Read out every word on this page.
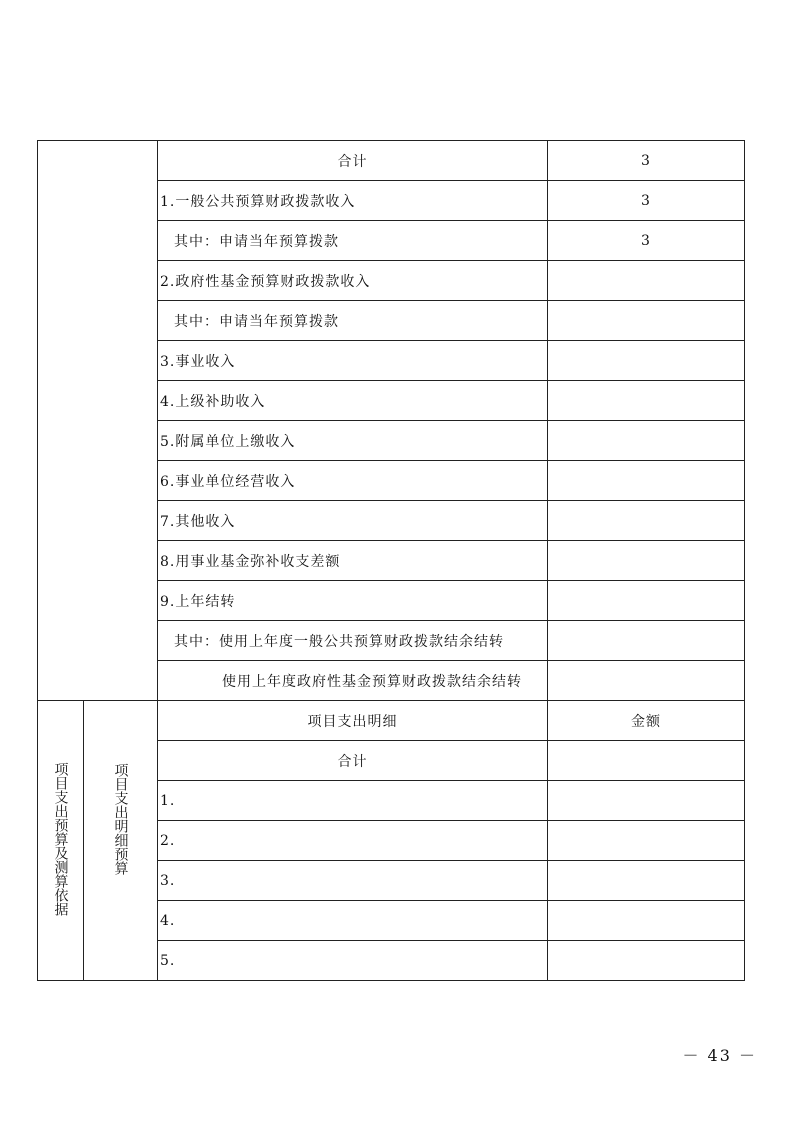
		合计	3
		1.一般公共预算财政拨款收入	3
		其中：申请当年预算拨款	3
		2.政府性基金预算财政拨款收入	
		其中：申请当年预算拨款	
		3.事业收入	
		4.上级补助收入	
		5.附属单位上缴收入	
		6.事业单位经营收入	
		7.其他收入	
		8.用事业基金弥补收支差额	
		9.上年结转	
		其中：使用上年度一般公共预算财政拨款结余结转	
		使用上年度政府性基金预算财政拨款结余结转	
项目支出预算及测算依据	项目支出明细预算	项目支出明细	金额
		合计	
		1.	
		2.	
		3.	
		4.	
		5.	
－ 43 －
